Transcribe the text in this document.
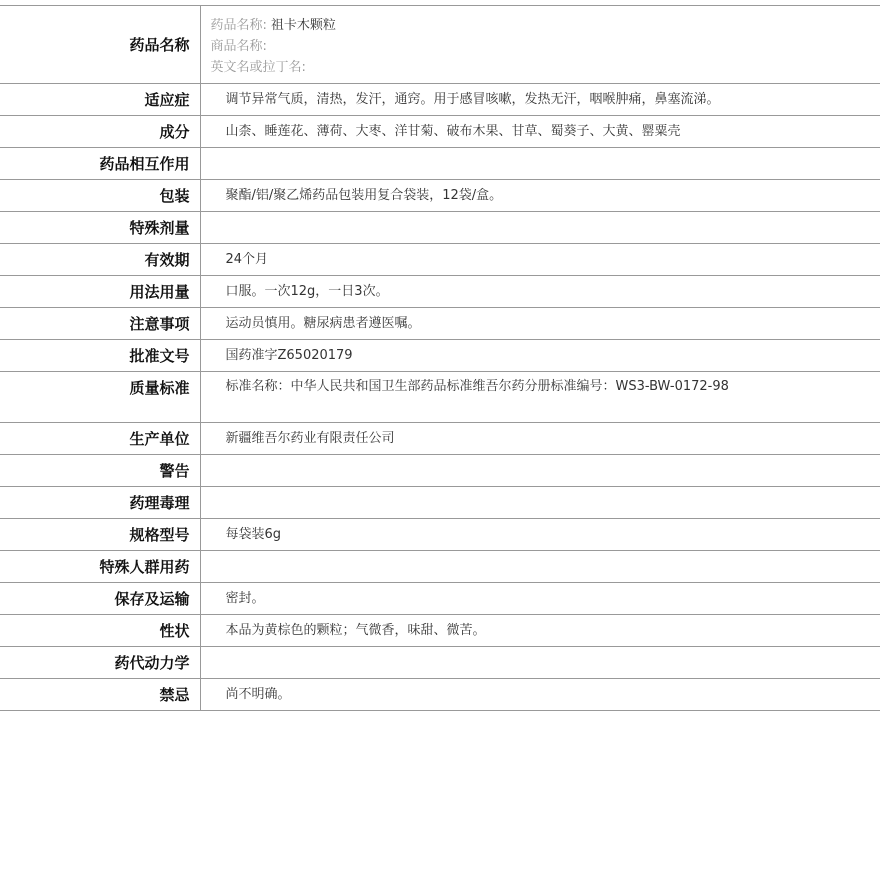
药品名称	药品名称: 祖卡木颗粒
商品名称:
英文名或拉丁名:

适应症	调节异常气质，清热，发汗，通窍。用于感冒咳嗽，发热无汗，咽喉肿痛，鼻塞流涕。

成分	山柰、睡莲花、薄荷、大枣、洋甘菊、破布木果、甘草、蜀葵子、大黄、罂粟壳

药品相互作用	

包装	聚酯/铝/聚乙烯药品包装用复合袋装，12袋/盒。

特殊剂量	

有效期	24个月

用法用量	口服。一次12g，一日3次。

注意事项	运动员慎用。糖尿病患者遵医嘱。

批准文号	国药准字Z65020179

质量标准	标准名称：中华人民共和国卫生部药品标准维吾尔药分册标准编号：WS3-BW-0172-98

生产单位	新疆维吾尔药业有限责任公司

警告	

药理毒理	

规格型号	每袋装6g

特殊人群用药	

保存及运输	密封。

性状	本品为黄棕色的颗粒；气微香，味甜、微苦。

药代动力学	

禁忌	尚不明确。
